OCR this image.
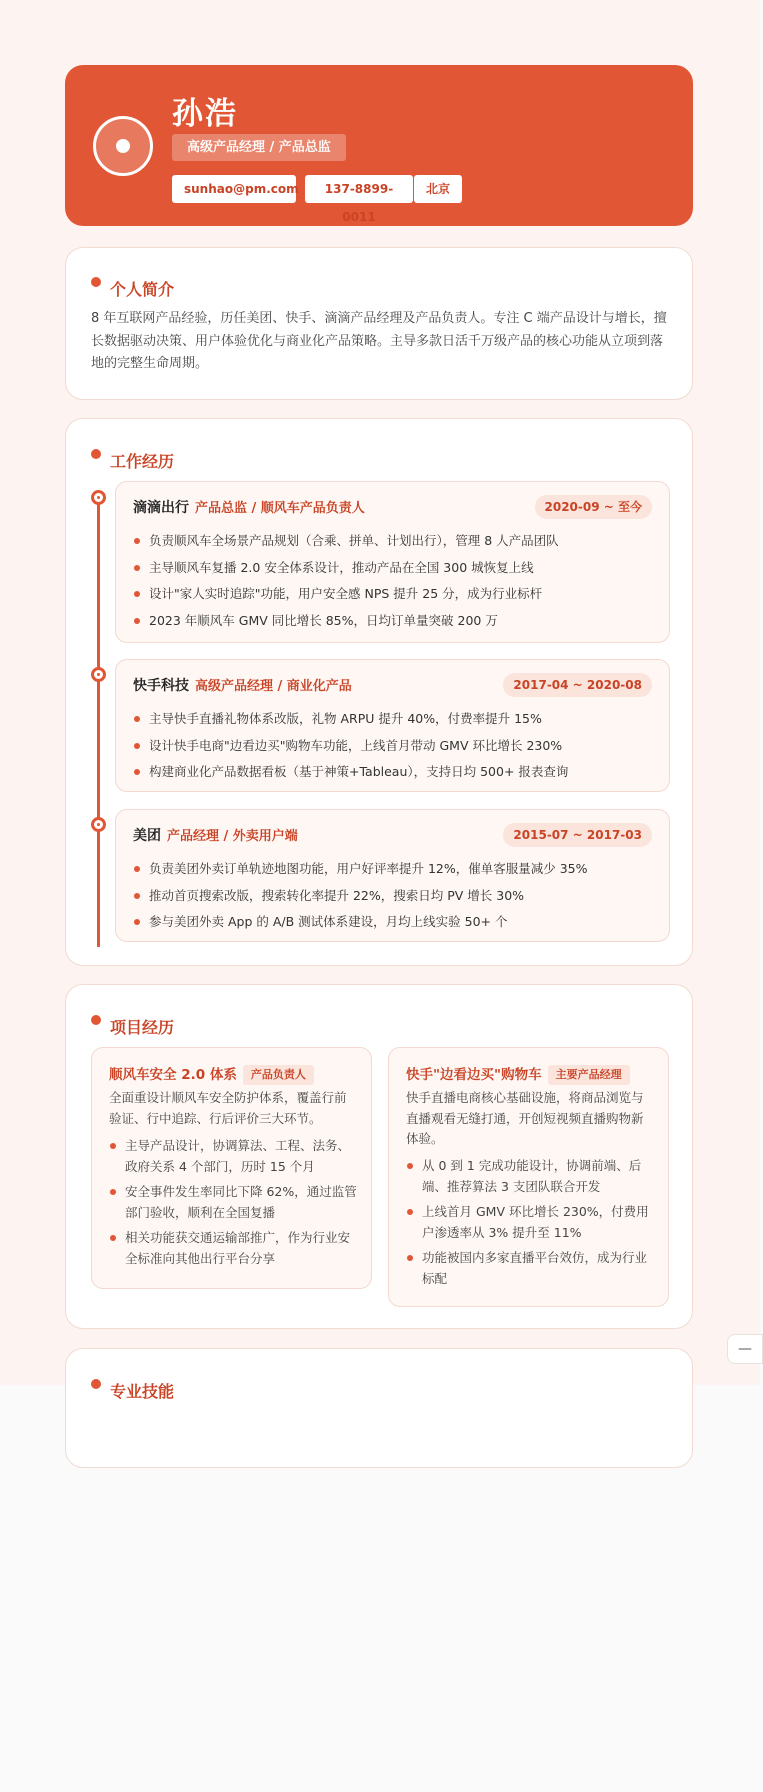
孙浩
高级产品经理 / 产品总监
sunhao@pm.com	137-8899-0011
北京
个人简介
8 年互联网产品经验，历任美团、快手、滴滴产品经理及产品负责人。专注 C 端产品设计与增长，擅长数据驱动决策、用户体验优化与商业化产品策略。主导多款日活千万级产品的核心功能从立项到落地的完整生命周期。
工作经历
滴滴出行 产品总监 / 顺风车产品负责人	2020-09 ~ 至今
负责顺风车全场景产品规划（合乘、拼单、计划出行），管理 8 人产品团队
主导顺风车复播 2.0 安全体系设计，推动产品在全国 300 城恢复上线
设计"家人实时追踪"功能，用户安全感 NPS 提升 25 分，成为行业标杆
2023 年顺风车 GMV 同比增长 85%，日均订单量突破 200 万
快手科技 高级产品经理 / 商业化产品	2017-04 ~ 2020-08
主导快手直播礼物体系改版，礼物 ARPU 提升 40%，付费率提升 15%
设计快手电商"边看边买"购物车功能，上线首月带动 GMV 环比增长 230%
构建商业化产品数据看板（基于神策+Tableau），支持日均 500+ 报表查询
美团 产品经理 / 外卖用户端	2015-07 ~ 2017-03
负责美团外卖订单轨迹地图功能，用户好评率提升 12%，催单客服量减少 35%
推动首页搜索改版，搜索转化率提升 22%，搜索日均 PV 增长 30%
参与美团外卖 App 的 A/B 测试体系建设，月均上线实验 50+ 个
项目经历
顺风车安全 2.0 体系 产品负责人
全面重设计顺风车安全防护体系，覆盖行前验证、行中追踪、行后评价三大环节。
主导产品设计，协调算法、工程、法务、政府关系 4 个部门，历时 15 个月
安全事件发生率同比下降 62%，通过监管部门验收，顺利在全国复播
相关功能获交通运输部推广，作为行业安全标准向其他出行平台分享
快手"边看边买"购物车 主要产品经理
快手直播电商核心基础设施，将商品浏览与直播观看无缝打通，开创短视频直播购物新体验。
从 0 到 1 完成功能设计，协调前端、后端、推荐算法 3 支团队联合开发
上线首月 GMV 环比增长 230%，付费用户渗透率从 3% 提升至 11%
功能被国内多家直播平台效仿，成为行业标配
专业技能
—
